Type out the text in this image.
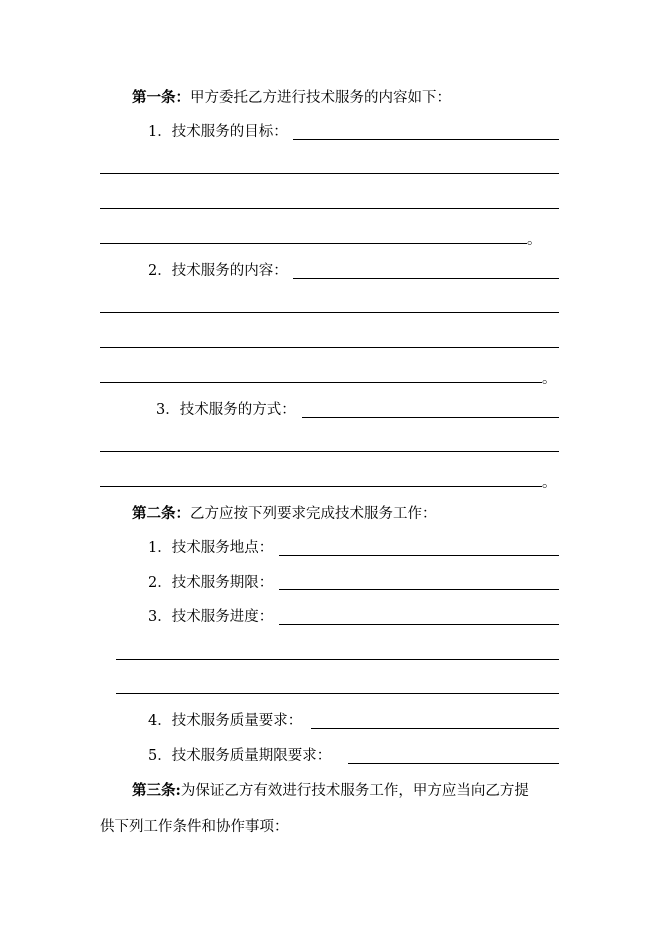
第一条：甲方委托乙方进行技术服务的内容如下：
1．技术服务的目标：
。
2．技术服务的内容：
。
3．技术服务的方式：
。
第二条：乙方应按下列要求完成技术服务工作：
1．技术服务地点：
2．技术服务期限：
3．技术服务进度：
4．技术服务质量要求：
5．技术服务质量期限要求：
第三条:为保证乙方有效进行技术服务工作，甲方应当向乙方提
供下列工作条件和协作事项：
